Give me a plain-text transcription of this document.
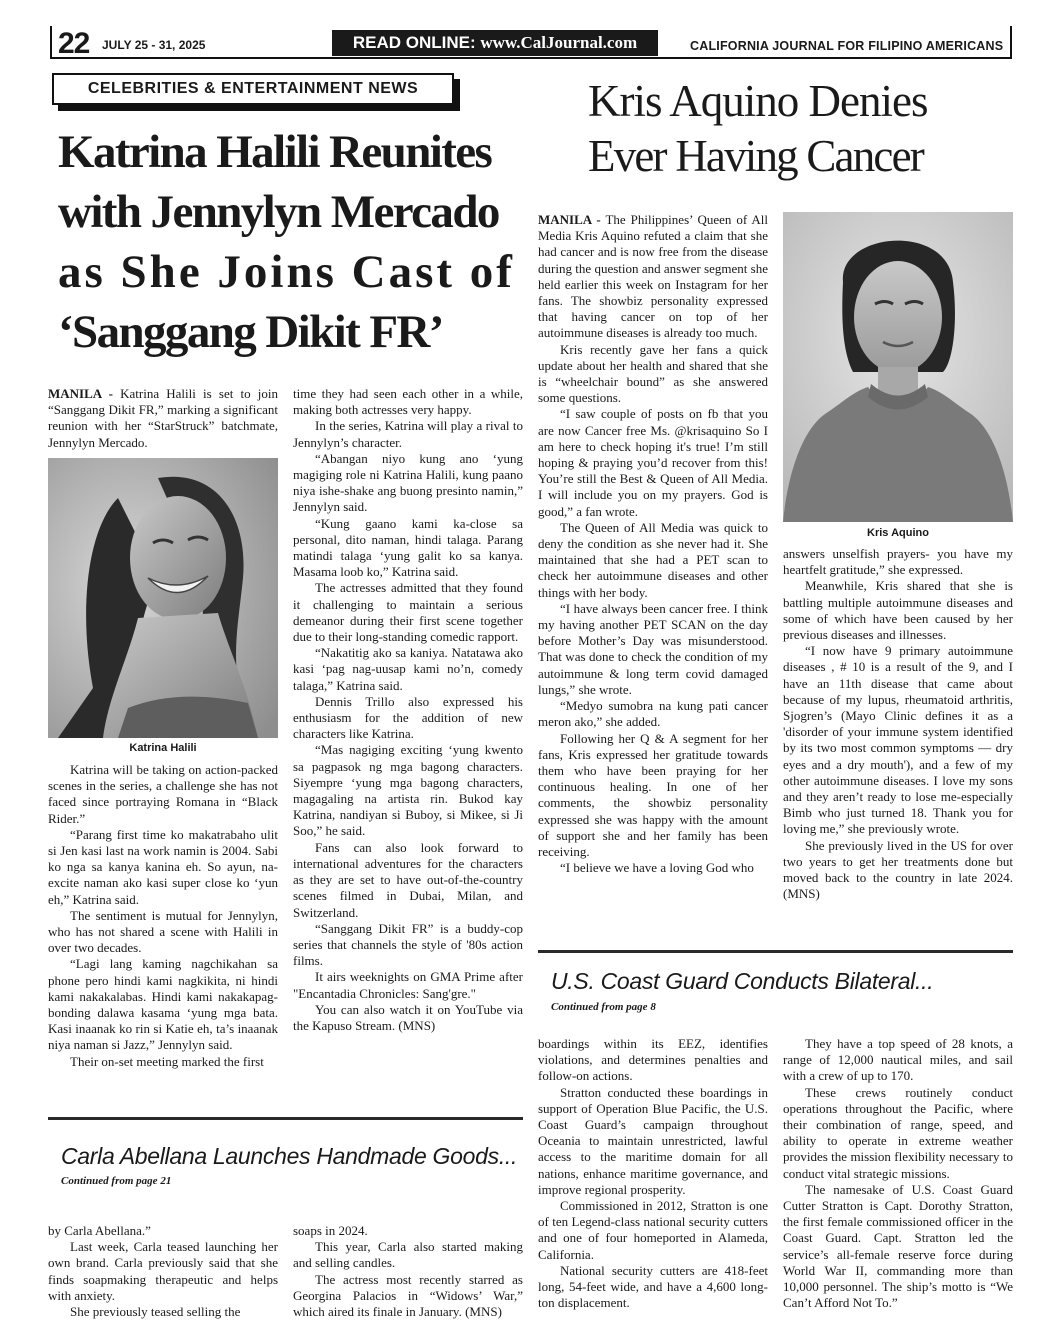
22 JULY 25 - 31, 2025	READ ONLINE: www.CalJournal.com	CALIFORNIA JOURNAL FOR FILIPINO AMERICANS
CELEBRITIES & ENTERTAINMENT NEWS
Katrina Halili Reunites
with Jennylyn Mercado
as She Joins Cast of
‘Sanggang Dikit FR’
Kris Aquino Denies
Ever Having Cancer

MANILA - Katrina Halili is set to join “Sanggang Dikit FR,” marking a significant reunion with her “StarStruck” batchmate, Jennylyn Mercado.

Katrina Halili

Katrina will be taking on action-packed scenes in the series, a challenge she has not faced since portraying Romana in “Black Rider.”

“Parang first time ko makatrabaho ulit si Jen kasi last na work namin is 2004. Sabi ko nga sa kanya kanina eh. So ayun, na-excite naman ako kasi super close ko ‘yun eh,” Katrina said.

The sentiment is mutual for Jennylyn, who has not shared a scene with Halili in over two decades.

“Lagi lang kaming nagchikahan sa phone pero hindi kami nagkikita, ni hindi kami nakakalabas. Hindi kami nakakapag-bonding dalawa kasama ‘yung mga bata. Kasi inaanak ko rin si Katie eh, ta’s inaanak niya naman si Jazz,” Jennylyn said.

Their on-set meeting marked the first

time they had seen each other in a while, making both actresses very happy.

In the series, Katrina will play a rival to Jennylyn’s character.

“Abangan niyo kung ano ‘yung magiging role ni Katrina Halili, kung paano niya ishe-shake ang buong presinto namin,” Jennylyn said.

“Kung gaano kami ka-close sa personal, dito naman, hindi talaga. Parang matindi talaga ‘yung galit ko sa kanya. Masama loob ko,” Katrina said.

The actresses admitted that they found it challenging to maintain a serious demeanor during their first scene together due to their long-standing comedic rapport.

“Nakatitig ako sa kaniya. Natatawa ako kasi ‘pag nag-uusap kami no’n, comedy talaga,” Katrina said.

Dennis Trillo also expressed his enthusiasm for the addition of new characters like Katrina.

“Mas nagiging exciting ‘yung kwento sa pagpasok ng mga bagong characters. Siyempre ‘yung mga bagong characters, magagaling na artista rin. Bukod kay Katrina, nandiyan si Buboy, si Mikee, si Ji Soo,” he said.

Fans can also look forward to international adventures for the characters as they are set to have out-of-the-country scenes filmed in Dubai, Milan, and Switzerland.

“Sanggang Dikit FR” is a buddy-cop series that channels the style of '80s action films.

It airs weeknights on GMA Prime after "Encantadia Chronicles: Sang'gre."

You can also watch it on YouTube via the Kapuso Stream. (MNS)

MANILA - The Philippines’ Queen of All Media Kris Aquino refuted a claim that she had cancer and is now free from the disease during the question and answer segment she held earlier this week on Instagram for her fans. The showbiz personality expressed that having cancer on top of her autoimmune diseases is already too much.

Kris recently gave her fans a quick update about her health and shared that she is “wheelchair bound” as she answered some questions.

“I saw couple of posts on fb that you are now Cancer free Ms. @krisaquino So I am here to check hoping it's true! I’m still hoping & praying you’d recover from this! You’re still the Best & Queen of All Media. I will include you on my prayers. God is good,” a fan wrote.

The Queen of All Media was quick to deny the condition as she never had it. She maintained that she had a PET scan to check her autoimmune diseases and other things with her body.

“I have always been cancer free. I think my having another PET SCAN on the day before Mother’s Day was misunderstood. That was done to check the condition of my autoimmune & long term covid damaged lungs,” she wrote.

“Medyo sumobra na kung pati cancer meron ako,” she added.

Following her Q & A segment for her fans, Kris expressed her gratitude towards them who have been praying for her continuous healing. In one of her comments, the showbiz personality expressed she was happy with the amount of support she and her family has been receiving.

“I believe we have a loving God who

Kris Aquino

answers unselfish prayers- you have my heartfelt gratitude,” she expressed.

Meanwhile, Kris shared that she is battling multiple autoimmune diseases and some of which have been caused by her previous diseases and illnesses.

“I now have 9 primary autoimmune diseases , # 10 is a result of the 9, and I have an 11th disease that came about because of my lupus, rheumatoid arthritis, Sjogren’s (Mayo Clinic defines it as a 'disorder of your immune system identified by its two most common symptoms — dry eyes and a dry mouth'), and a few of my other autoimmune diseases. I love my sons and they aren’t ready to lose me-especially Bimb who just turned 18. Thank you for loving me,” she previously wrote.

She previously lived in the US for over two years to get her treatments done but moved back to the country in late 2024. (MNS)

U.S. Coast Guard Conducts Bilateral...
Continued from page 8

boardings within its EEZ, identifies violations, and determines penalties and follow-on actions.

Stratton conducted these boardings in support of Operation Blue Pacific, the U.S. Coast Guard’s campaign throughout Oceania to maintain unrestricted, lawful access to the maritime domain for all nations, enhance maritime governance, and improve regional prosperity.

Commissioned in 2012, Stratton is one of ten Legend-class national security cutters and one of four homeported in Alameda, California.

National security cutters are 418-feet long, 54-feet wide, and have a 4,600 long-ton displacement.

They have a top speed of 28 knots, a range of 12,000 nautical miles, and sail with a crew of up to 170.

These crews routinely conduct operations throughout the Pacific, where their combination of range, speed, and ability to operate in extreme weather provides the mission flexibility necessary to conduct vital strategic missions.

The namesake of U.S. Coast Guard Cutter Stratton is Capt. Dorothy Stratton, the first female commissioned officer in the Coast Guard. Capt. Stratton led the service’s all-female reserve force during World War II, commanding more than 10,000 personnel. The ship’s motto is “We Can’t Afford Not To.”

Carla Abellana Launches Handmade Goods...
Continued from page 21

by Carla Abellana.”

Last week, Carla teased launching her own brand. Carla previously said that she finds soapmaking therapeutic and helps with anxiety.

She previously teased selling the

soaps in 2024.

This year, Carla also started making and selling candles.

The actress most recently starred as Georgina Palacios in “Widows’ War,” which aired its finale in January. (MNS)
